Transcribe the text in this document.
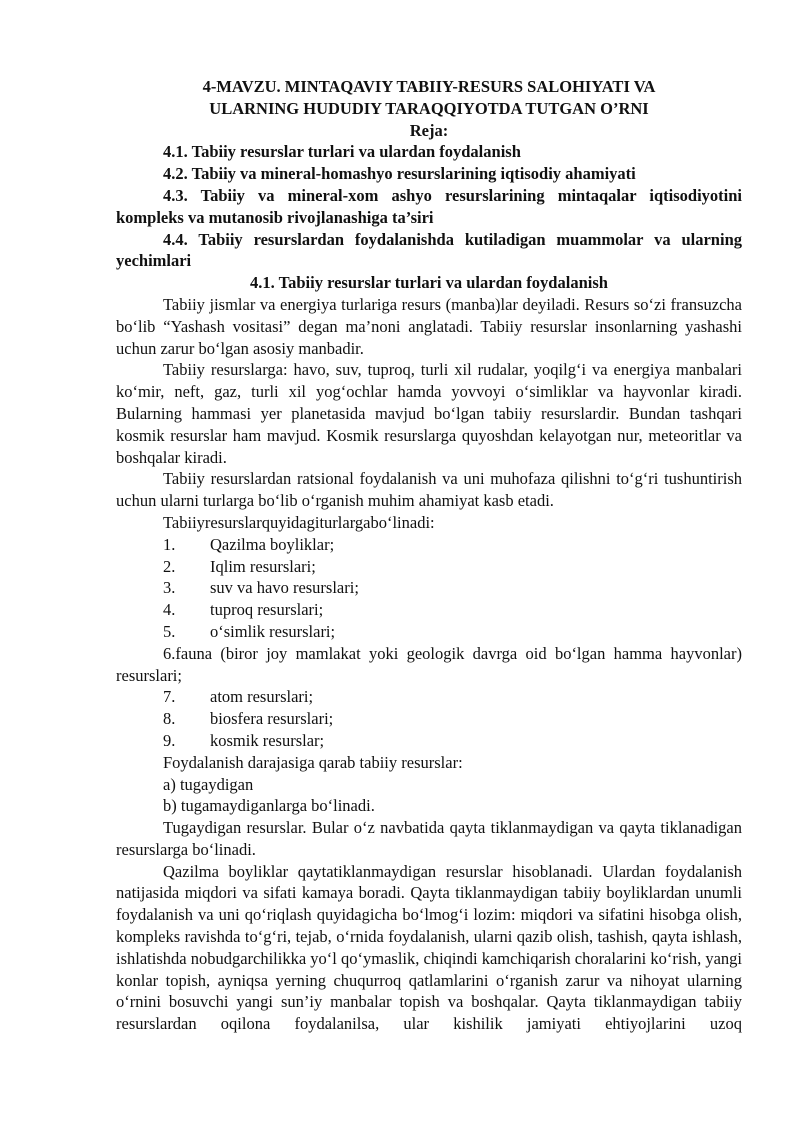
4-MAVZU. MINTAQAVIY TABIIY-RESURS SALOHIYATI VA
ULARNING HUDUDIY TARAQQIYOTDA TUTGAN O’RNI
Reja:
4.1. Tabiiy resurslar turlari va ulardan foydalanish
4.2. Tabiiy va mineral-homashyo resurslarining iqtisodiy ahamiyati
4.3. Tabiiy va mineral-xom ashyo resurslarining mintaqalar iqtisodiyotini kompleks va mutanosib rivojlanashiga ta’siri
4.4. Tabiiy resurslardan foydalanishda kutiladigan muammolar va ularning yechimlari
4.1. Tabiiy resurslar turlari va ulardan foydalanish
Tabiiy jismlar va energiya turlariga resurs (manba)lar deyiladi. Resurs so‘zi fransuzcha bo‘lib “Yashash vositasi” degan ma’noni anglatadi. Tabiiy resurslar insonlarning yashashi uchun zarur bo‘lgan asosiy manbadir.
Tabiiy resurslarga: havo, suv, tuproq, turli xil rudalar, yoqilg‘i va energiya manbalari ko‘mir, neft, gaz, turli xil yog‘ochlar hamda yovvoyi o‘simliklar va hayvonlar kiradi. Bularning hammasi yer planetasida mavjud bo‘lgan tabiiy resurslardir. Bundan tashqari kosmik resurslar ham mavjud. Kosmik resurslarga quyoshdan kelayotgan nur, meteoritlar va boshqalar kiradi.
Tabiiy resurslardan ratsional foydalanish va uni muhofaza qilishni to‘g‘ri tushuntirish uchun ularni turlarga bo‘lib o‘rganish muhim ahamiyat kasb etadi.
Tabiiyresurslarquyidagiturlargabo‘linadi:
1. Qazilma boyliklar;
2. Iqlim resurslari;
3. suv va havo resurslari;
4. tuproq resurslari;
5. o‘simlik resurslari;
6.fauna (biror joy mamlakat yoki geologik davrga oid bo‘lgan hamma hayvonlar) resurslari;
7. atom resurslari;
8. biosfera resurslari;
9. kosmik resurslar;
Foydalanish darajasiga qarab tabiiy resurslar:
a) tugaydigan
b) tugamaydiganlarga bo‘linadi.
Tugaydigan resurslar. Bular o‘z navbatida qayta tiklanmaydigan va qayta tiklanadigan resurslarga bo‘linadi.
Qazilma boyliklar qaytatiklanmaydigan resurslar hisoblanadi. Ulardan foydalanish natijasida miqdori va sifati kamaya boradi. Qayta tiklanmaydigan tabiiy boyliklardan unumli foydalanish va uni qo‘riqlash quyidagicha bo‘lmog‘i lozim: miqdori va sifatini hisobga olish, kompleks ravishda to‘g‘ri, tejab, o‘rnida foydalanish, ularni qazib olish, tashish, qayta ishlash, ishlatishda nobudgarchilikka yo‘l qo‘ymaslik, chiqindi kamchiqarish choralarini ko‘rish, yangi konlar topish, ayniqsa yerning chuqurroq qatlamlarini o‘rganish zarur va nihoyat ularning o‘rnini bosuvchi yangi sun’iy manbalar topish va boshqalar. Qayta tiklanmaydigan tabiiy resurslardan oqilona foydalanilsa, ular kishilik jamiyati ehtiyojlarini uzoq
